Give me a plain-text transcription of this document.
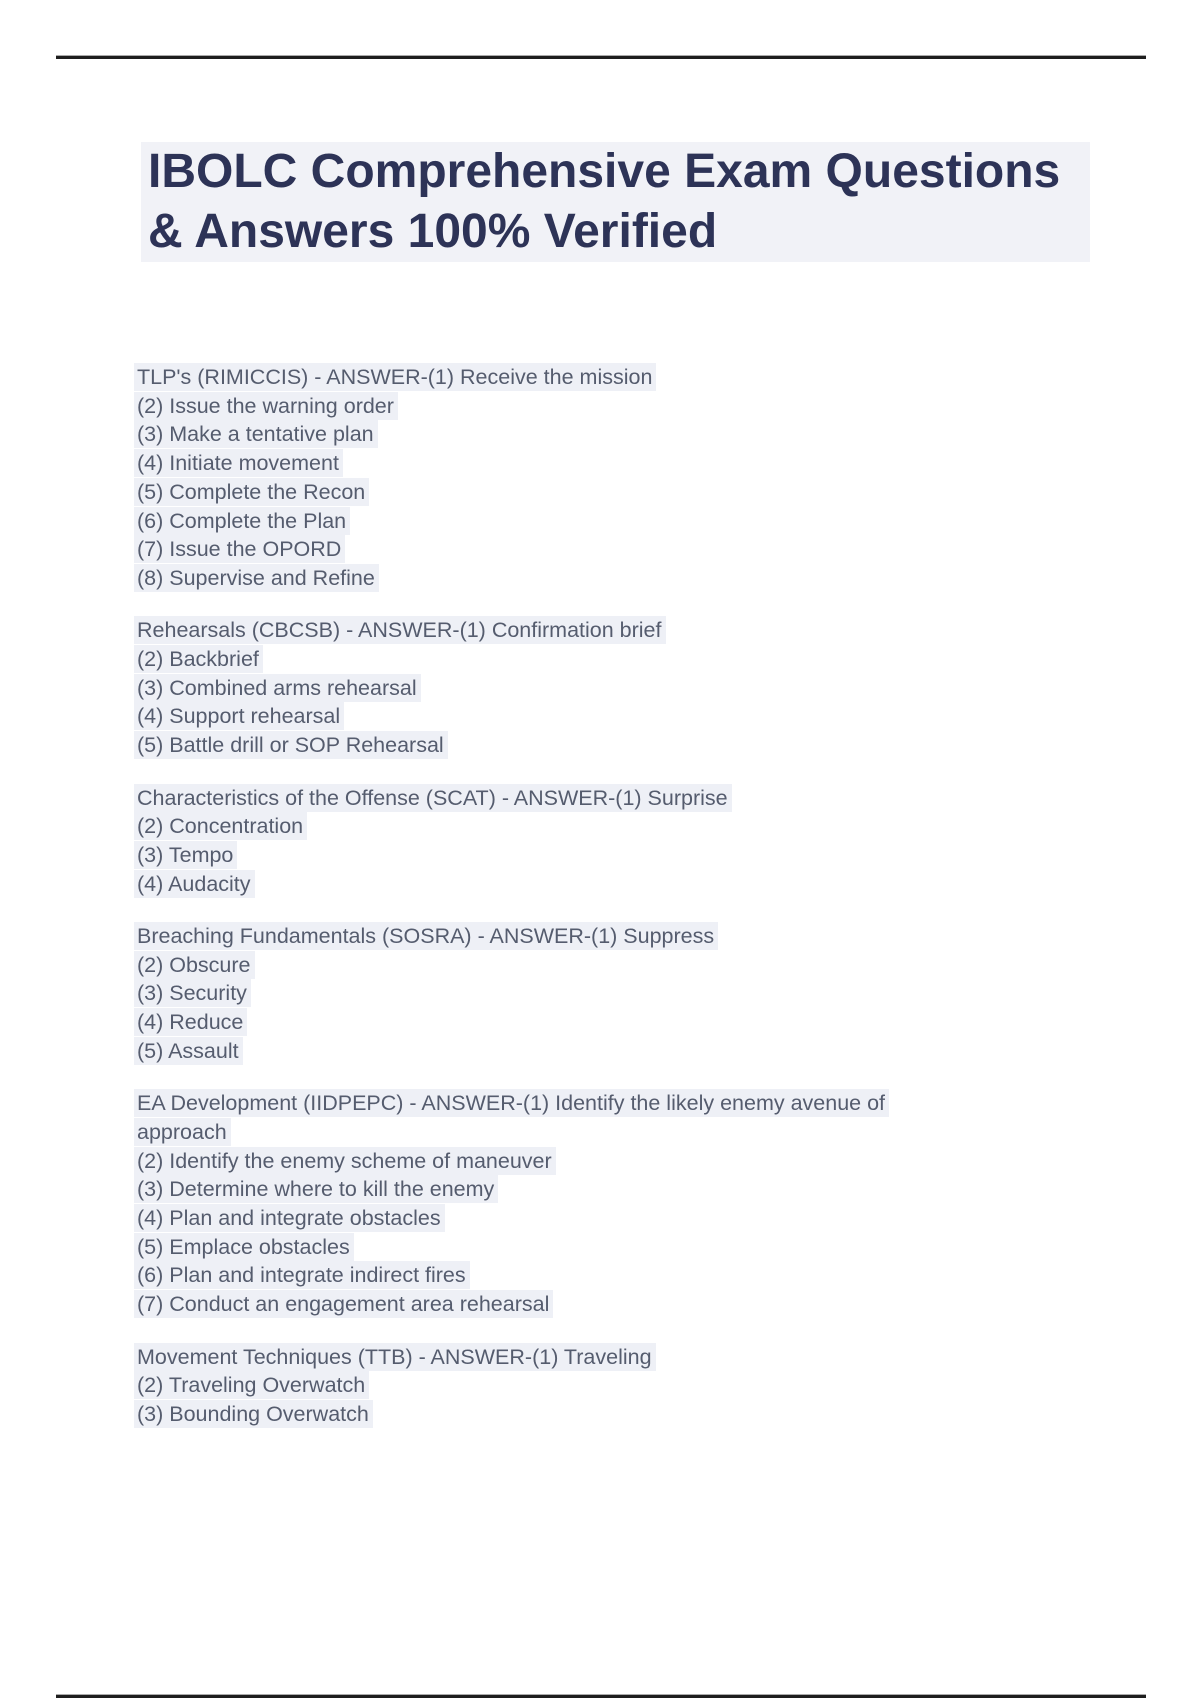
IBOLC Comprehensive Exam Questions
& Answers 100% Verified
TLP's (RIMICCIS) - ANSWER-(1) Receive the mission
(2) Issue the warning order
(3) Make a tentative plan
(4) Initiate movement
(5) Complete the Recon
(6) Complete the Plan
(7) Issue the OPORD
(8) Supervise and Refine
Rehearsals (CBCSB) - ANSWER-(1) Confirmation brief
(2) Backbrief
(3) Combined arms rehearsal
(4) Support rehearsal
(5) Battle drill or SOP Rehearsal
Characteristics of the Offense (SCAT) - ANSWER-(1) Surprise
(2) Concentration
(3) Tempo
(4) Audacity
Breaching Fundamentals (SOSRA) - ANSWER-(1) Suppress
(2) Obscure
(3) Security
(4) Reduce
(5) Assault
EA Development (IIDPEPC) - ANSWER-(1) Identify the likely enemy avenue of
approach
(2) Identify the enemy scheme of maneuver
(3) Determine where to kill the enemy
(4) Plan and integrate obstacles
(5) Emplace obstacles
(6) Plan and integrate indirect fires
(7) Conduct an engagement area rehearsal
Movement Techniques (TTB) - ANSWER-(1) Traveling
(2) Traveling Overwatch
(3) Bounding Overwatch
